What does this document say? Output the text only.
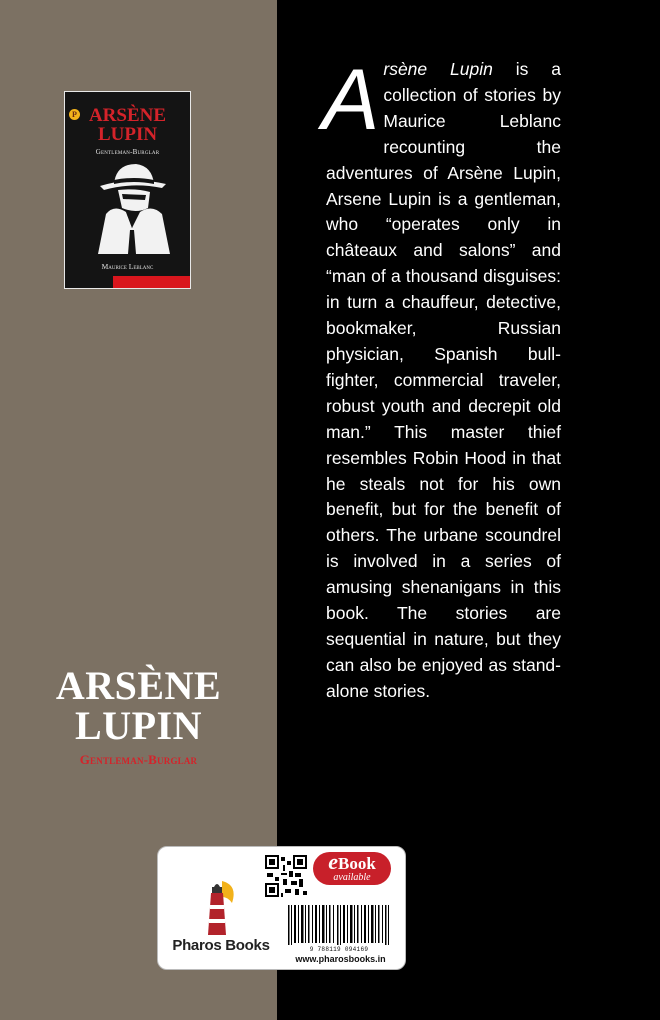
P ARSÈNE
LUPIN
Gentleman-Burglar
Maurice Leblanc
ARSÈNE
LUPIN
Gentleman-Burglar

Arsène Lupin is a collection of stories by Maurice Leblanc recounting the adventures of Arsène Lupin, Arsene Lupin is a gentleman, who “operates only in châteaux and salons” and “man of a thousand disguises: in turn a chauffeur, detective, bookmaker, Russian physician, Spanish bull-fighter, commercial traveler, robust youth and decrepit old man.” This master thief resembles Robin Hood in that he steals not for his own benefit, but for the benefit of others. The urbane scoundrel is involved in a series of amusing shenanigans in this book. The stories are sequential in nature, but they can also be enjoyed as stand-alone stories.

Pharos Books
eBook
available
9 788119 094169
www.pharosbooks.in
